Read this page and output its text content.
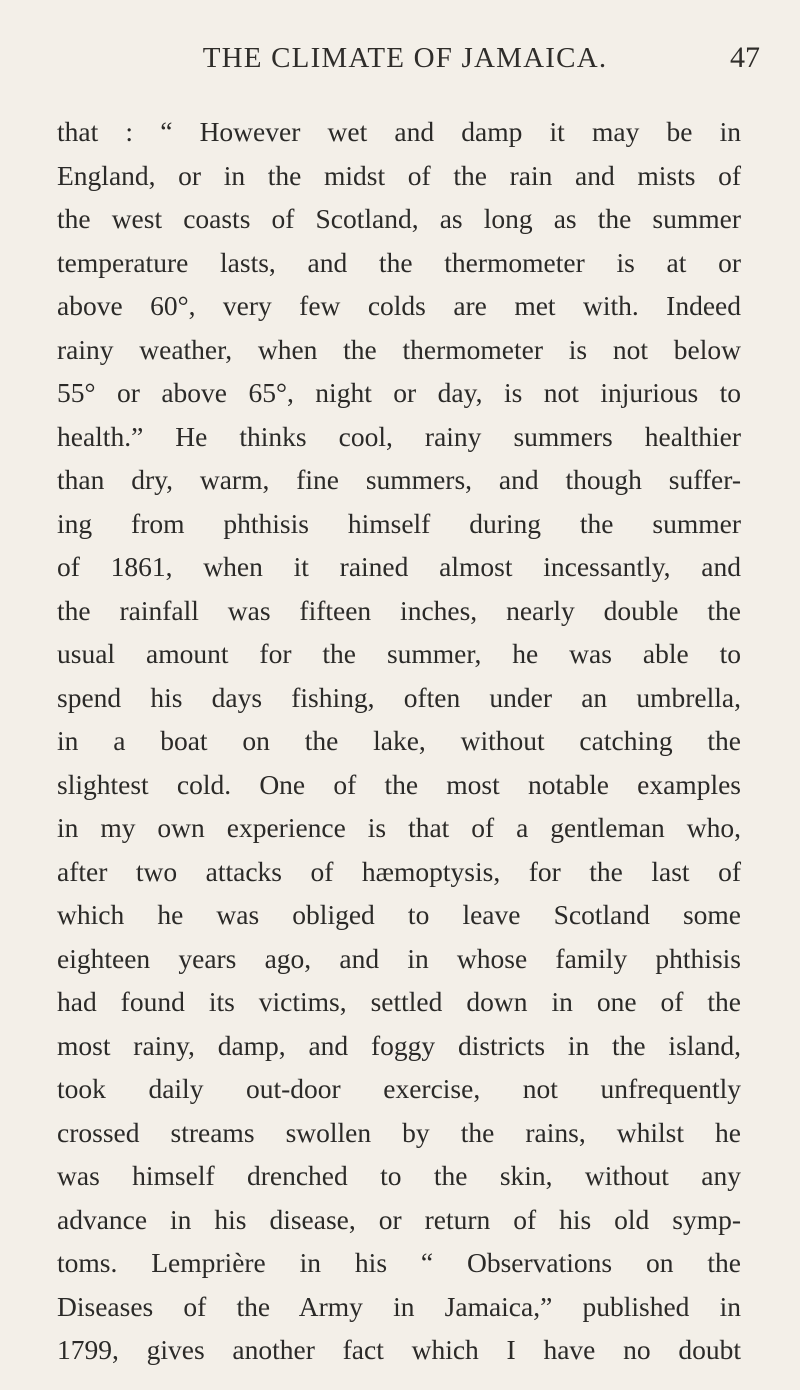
THE CLIMATE OF JAMAICA.	47
that : “ However wet and damp it may be in
England, or in the midst of the rain and mists of
the west coasts of Scotland, as long as the summer
temperature lasts, and the thermometer is at or
above 60°, very few colds are met with. Indeed
rainy weather, when the thermometer is not below
55° or above 65°, night or day, is not injurious to
health.” He thinks cool, rainy summers healthier
than dry, warm, fine summers, and though suffer-
ing from phthisis himself during the summer
of 1861, when it rained almost incessantly, and
the rainfall was fifteen inches, nearly double the
usual amount for the summer, he was able to
spend his days fishing, often under an umbrella,
in a boat on the lake, without catching the
slightest cold. One of the most notable examples
in my own experience is that of a gentleman who,
after two attacks of hæmoptysis, for the last of
which he was obliged to leave Scotland some
eighteen years ago, and in whose family phthisis
had found its victims, settled down in one of the
most rainy, damp, and foggy districts in the island,
took daily out-door exercise, not unfrequently
crossed streams swollen by the rains, whilst he
was himself drenched to the skin, without any
advance in his disease, or return of his old symp-
toms. Lemprière in his “ Observations on the
Diseases of the Army in Jamaica,” published in
1799, gives another fact which I have no doubt
